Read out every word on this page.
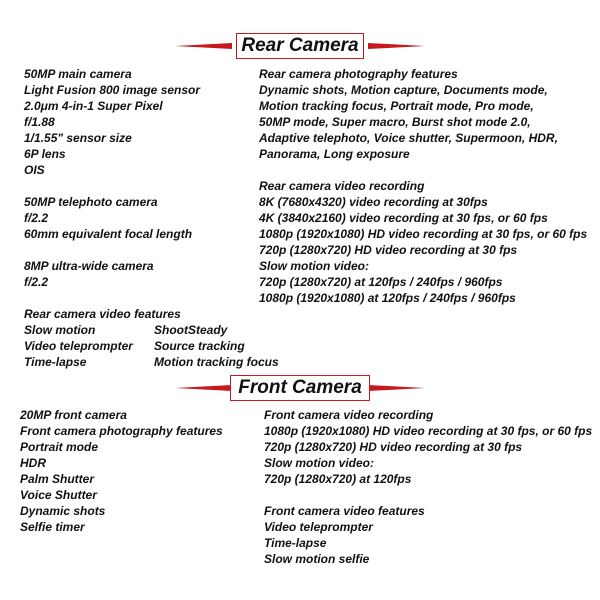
Rear Camera
50MP main camera
Light Fusion 800 image sensor
2.0μm 4-in-1 Super Pixel
f/1.88
1/1.55" sensor size
6P lens
OIS
50MP telephoto camera
f/2.2
60mm equivalent focal length
8MP ultra-wide camera
f/2.2
Rear camera video features
Slow motion
Video teleprompter
Time-lapse
ShootSteady
Source tracking
Motion tracking focus
Rear camera photography features
Dynamic shots, Motion capture, Documents mode,
Motion tracking focus, Portrait mode, Pro mode,
50MP mode, Super macro, Burst shot mode 2.0,
Adaptive telephoto, Voice shutter, Supermoon, HDR,
Panorama, Long exposure
Rear camera video recording
8K (7680x4320) video recording at 30fps
4K (3840x2160) video recording at 30 fps, or 60 fps
1080p (1920x1080) HD video recording at 30 fps, or 60 fps
720p (1280x720) HD video recording at 30 fps
Slow motion video:
720p (1280x720) at 120fps / 240fps / 960fps
1080p (1920x1080) at 120fps / 240fps / 960fps
Front Camera
20MP front camera
Front camera photography features
Portrait mode
HDR
Palm Shutter
Voice Shutter
Dynamic shots
Selfie timer
Front camera video recording
1080p (1920x1080) HD video recording at 30 fps, or 60 fps
720p (1280x720) HD video recording at 30 fps
Slow motion video:
720p (1280x720) at 120fps
Front camera video features
Video teleprompter
Time-lapse
Slow motion selfie
